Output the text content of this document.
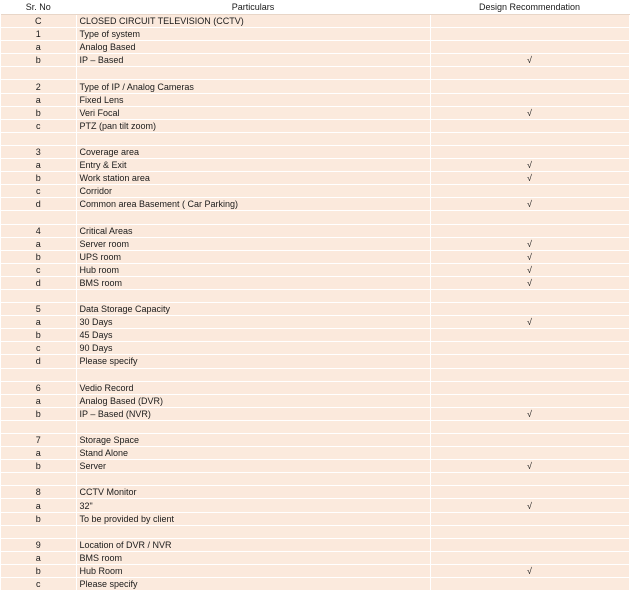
Sr. No	Particulars	Design Recommendation
C	CLOSED CIRCUIT TELEVISION (CCTV)	
1	Type of system	
a	Analog Based	
b	IP – Based	√

2	Type of IP / Analog Cameras	
a	Fixed Lens	
b	Veri Focal	√
c	PTZ (pan tilt zoom)	

3	Coverage area	
a	Entry & Exit	√
b	Work station area	√
c	Corridor	
d	Common area Basement ( Car Parking)	√

4	Critical Areas	
a	Server room	√
b	UPS room	√
c	Hub room	√
d	BMS room	√

5	Data Storage Capacity	
a	30 Days	√
b	45 Days	
c	90 Days	
d	Please specify	

6	Vedio Record	
a	Analog Based (DVR)	
b	IP – Based (NVR)	√

7	Storage Space	
a	Stand Alone	
b	Server	√

8	CCTV Monitor	
a	32"	√
b	To be provided by client	

9	Location of DVR / NVR	
a	BMS room	
b	Hub Room	√
c	Please specify	
